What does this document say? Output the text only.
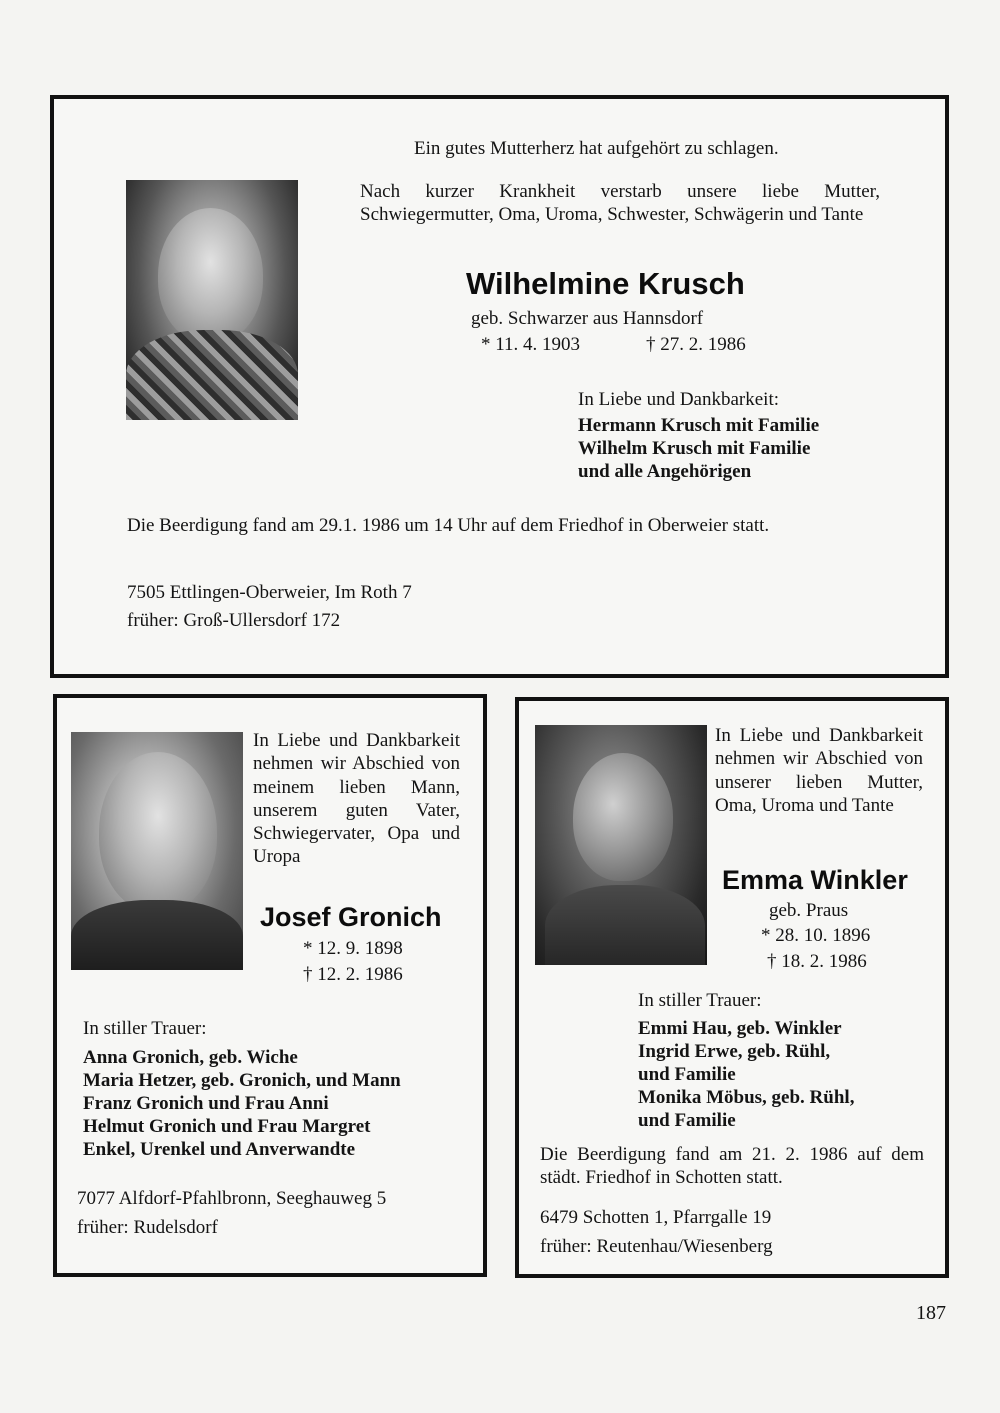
Ein gutes Mutterherz hat aufgehört zu schlagen.
Nach kurzer Krankheit verstarb unsere liebe Mutter, Schwiegermutter, Oma, Uroma, Schwester, Schwägerin und Tante
Wilhelmine Krusch
geb. Schwarzer aus Hannsdorf
* 11. 4. 1903	† 27. 2. 1986
In Liebe und Dankbarkeit:
Hermann Krusch mit Familie
Wilhelm Krusch mit Familie
und alle Angehörigen
Die Beerdigung fand am 29.1. 1986 um 14 Uhr auf dem Friedhof in Oberweier statt.
7505 Ettlingen-Oberweier, Im Roth 7
früher: Groß-Ullersdorf 172
In Liebe und Dankbarkeit nehmen wir Abschied von meinem lieben Mann, unserem guten Vater, Schwiegervater, Opa und Uropa
Josef Gronich
* 12. 9. 1898
† 12. 2. 1986
In stiller Trauer:
Anna Gronich, geb. Wiche
Maria Hetzer, geb. Gronich, und Mann
Franz Gronich und Frau Anni
Helmut Gronich und Frau Margret
Enkel, Urenkel und Anverwandte
7077 Alfdorf-Pfahlbronn, Seeghauweg 5
früher: Rudelsdorf
In Liebe und Dankbarkeit nehmen wir Abschied von unserer lieben Mutter, Oma, Uroma und Tante
Emma Winkler
geb. Praus
* 28. 10. 1896
† 18. 2. 1986
In stiller Trauer:
Emmi Hau, geb. Winkler
Ingrid Erwe, geb. Rühl,
und Familie
Monika Möbus, geb. Rühl,
und Familie
Die Beerdigung fand am 21. 2. 1986 auf dem städt. Friedhof in Schotten statt.
6479 Schotten 1, Pfarrgalle 19
früher: Reutenhau/Wiesenberg
187
